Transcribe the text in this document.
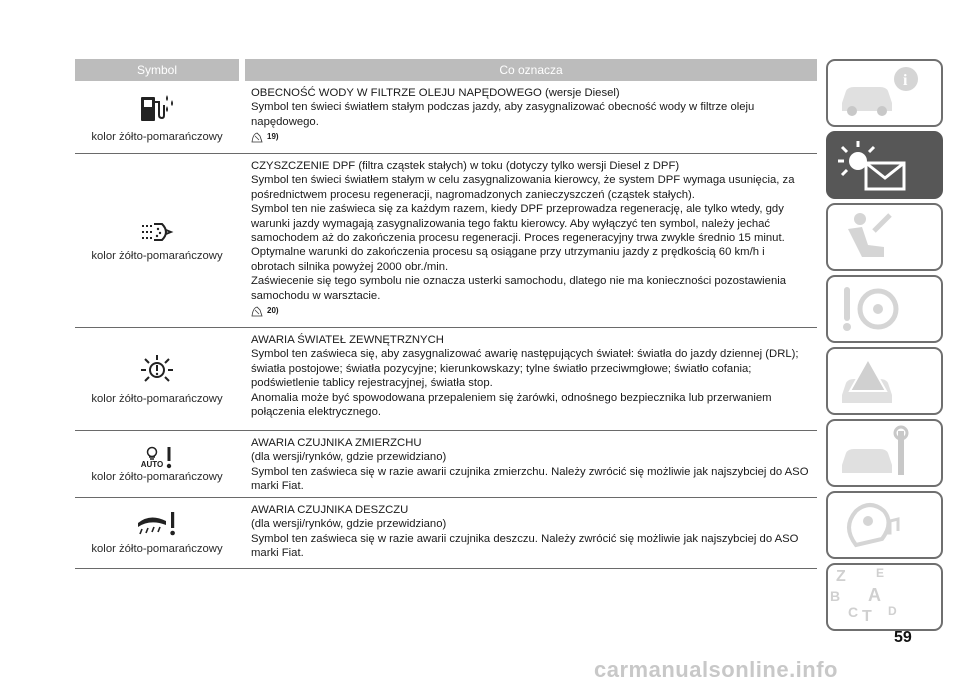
Symbol	Co oznacza
kolor żółto-pomarańczowy
OBECNOŚĆ WODY W FILTRZE OLEJU NAPĘDOWEGO (wersje Diesel)
Symbol ten świeci światłem stałym podczas jazdy, aby zasygnalizować obecność wody w filtrze oleju napędowego.
19)
kolor żółto-pomarańczowy
CZYSZCZENIE DPF (filtra cząstek stałych) w toku (dotyczy tylko wersji Diesel z DPF)
Symbol ten świeci światłem stałym w celu zasygnalizowania kierowcy, że system DPF wymaga usunięcia, za pośrednictwem procesu regeneracji, nagromadzonych zanieczyszczeń (cząstek stałych).
Symbol ten nie zaświeca się za każdym razem, kiedy DPF przeprowadza regenerację, ale tylko wtedy, gdy warunki jazdy wymagają zasygnalizowania tego faktu kierowcy. Aby wyłączyć ten symbol, należy jechać samochodem aż do zakończenia procesu regeneracji. Proces regeneracyjny trwa zwykle średnio 15 minut. Optymalne warunki do zakończenia procesu są osiągane przy utrzymaniu jazdy z prędkością 60 km/h i obrotach silnika powyżej 2000 obr./min.
Zaświecenie się tego symbolu nie oznacza usterki samochodu, dlatego nie ma konieczności pozostawienia samochodu w warsztacie.
20)
kolor żółto-pomarańczowy
AWARIA ŚWIATEŁ ZEWNĘTRZNYCH
Symbol ten zaświeca się, aby zasygnalizować awarię następujących świateł: światła do jazdy dziennej (DRL); światła postojowe; światła pozycyjne; kierunkowskazy; tylne światło przeciwmgłowe; światło cofania; podświetlenie tablicy rejestracyjnej, światła stop.
Anomalia może być spowodowana przepaleniem się żarówki, odnośnego bezpiecznika lub przerwaniem połączenia elektrycznego.
AUTO
kolor żółto-pomarańczowy
AWARIA CZUJNIKA ZMIERZCHU
(dla wersji/rynków, gdzie przewidziano)
Symbol ten zaświeca się w razie awarii czujnika zmierzchu. Należy zwrócić się możliwie jak najszybciej do ASO marki Fiat.
kolor żółto-pomarańczowy
AWARIA CZUJNIKA DESZCZU
(dla wersji/rynków, gdzie przewidziano)
Symbol ten zaświeca się w razie awarii czujnika deszczu. Należy zwrócić się możliwie jak najszybciej do ASO marki Fiat.
i
Z	E
B A
C T D
59
carmanualsonline.info
